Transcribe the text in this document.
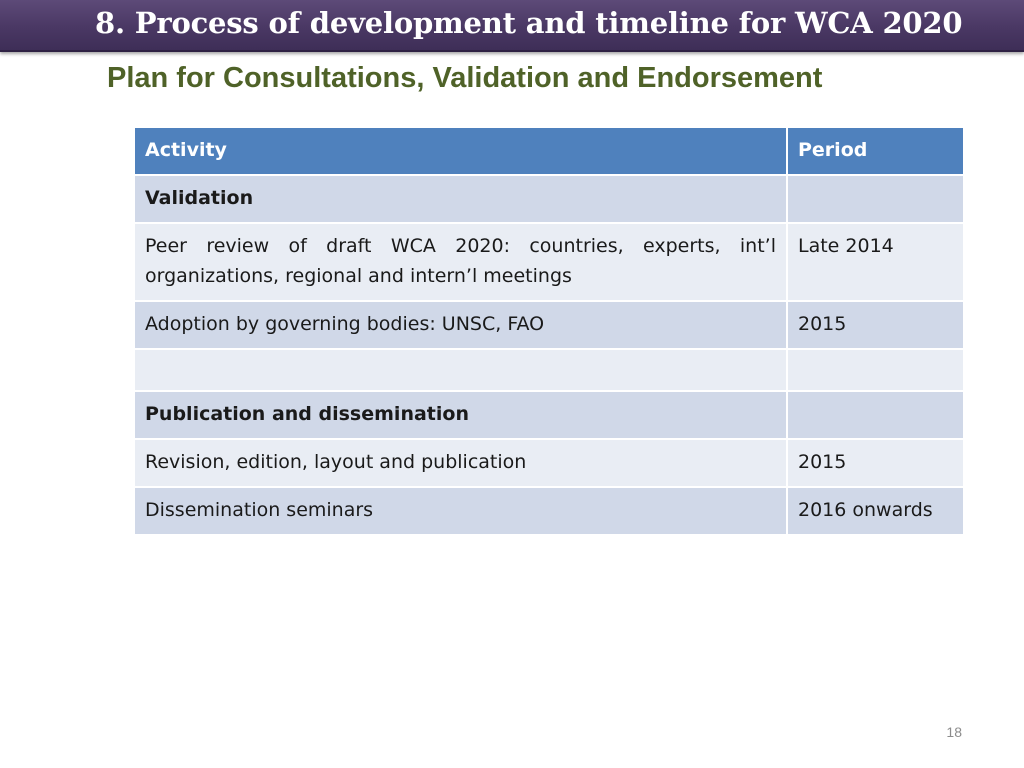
8. Process of development and timeline for WCA 2020
Plan for Consultations, Validation and Endorsement
Activity	Period
Validation	
Peer review of draft WCA 2020: countries, experts, int’l organizations, regional and intern’l meetings	Late 2014
Adoption by governing bodies: UNSC, FAO	2015

Publication and dissemination	
Revision, edition, layout and publication	2015
Dissemination seminars	2016 onwards
18
